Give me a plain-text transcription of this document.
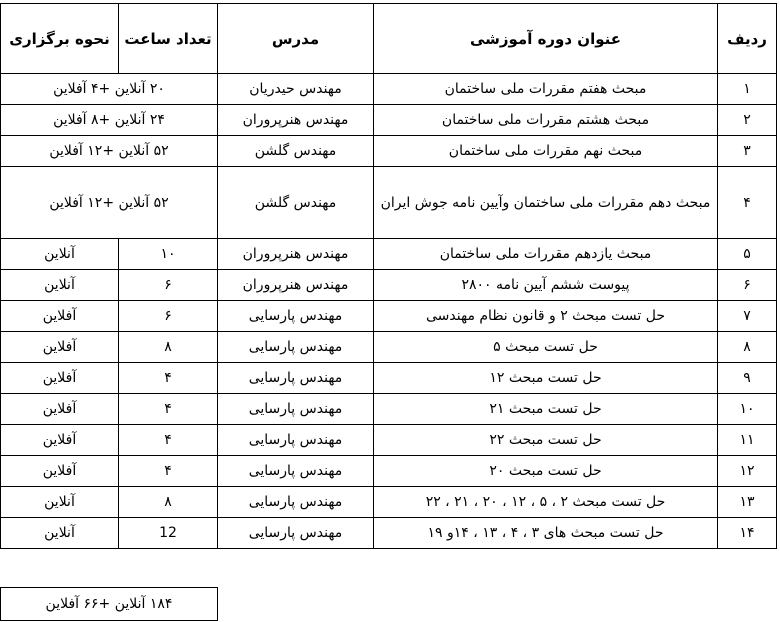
ردیف	عنوان دوره آموزشی	مدرس	تعداد ساعت	نحوه برگزاری
۱	مبحث هفتم مقررات ملی ساختمان	مهندس حیدریان	۲۰ آنلاین +۴ آفلاین	
۲	مبحث هشتم مقررات ملی ساختمان	مهندس هنرپروران	۲۴ آنلاین +۸ آفلاین	
۳	مبحث نهم مقررات ملی ساختمان	مهندس گلشن	۵۲ آنلاین +۱۲ آفلاین	
۴	مبحث دهم مقررات ملی ساختمان وآیین نامه جوش ایران	مهندس گلشن	۵۲ آنلاین +۱۲ آفلاین	
۵	مبحث یازدهم مقررات ملی ساختمان	مهندس هنرپروران	۱۰	آنلاین
۶	پیوست ششم آیین نامه ۲۸۰۰	مهندس هنرپروران	۶	آنلاین
۷	حل تست مبحث ۲ و قانون نظام مهندسی	مهندس پارسایی	۶	آفلاین
۸	حل تست مبحث ۵	مهندس پارسایی	۸	آفلاین
۹	حل تست مبحث ۱۲	مهندس پارسایی	۴	آفلاین
۱۰	حل تست مبحث ۲۱	مهندس پارسایی	۴	آفلاین
۱۱	حل تست مبحث ۲۲	مهندس پارسایی	۴	آفلاین
۱۲	حل تست مبحث ۲۰	مهندس پارسایی	۴	آفلاین
۱۳	حل تست مبحث ۲ ، ۵ ، ۱۲ ، ۲۰ ، ۲۱ ، ۲۲	مهندس پارسایی	۸	آنلاین
۱۴	حل تست مبحث های ۳ ، ۴ ، ۱۳ ، ۱۴و ۱۹	مهندس پارسایی	12	آنلاین
۱۸۴ آنلاین +۶۶ آفلاین
